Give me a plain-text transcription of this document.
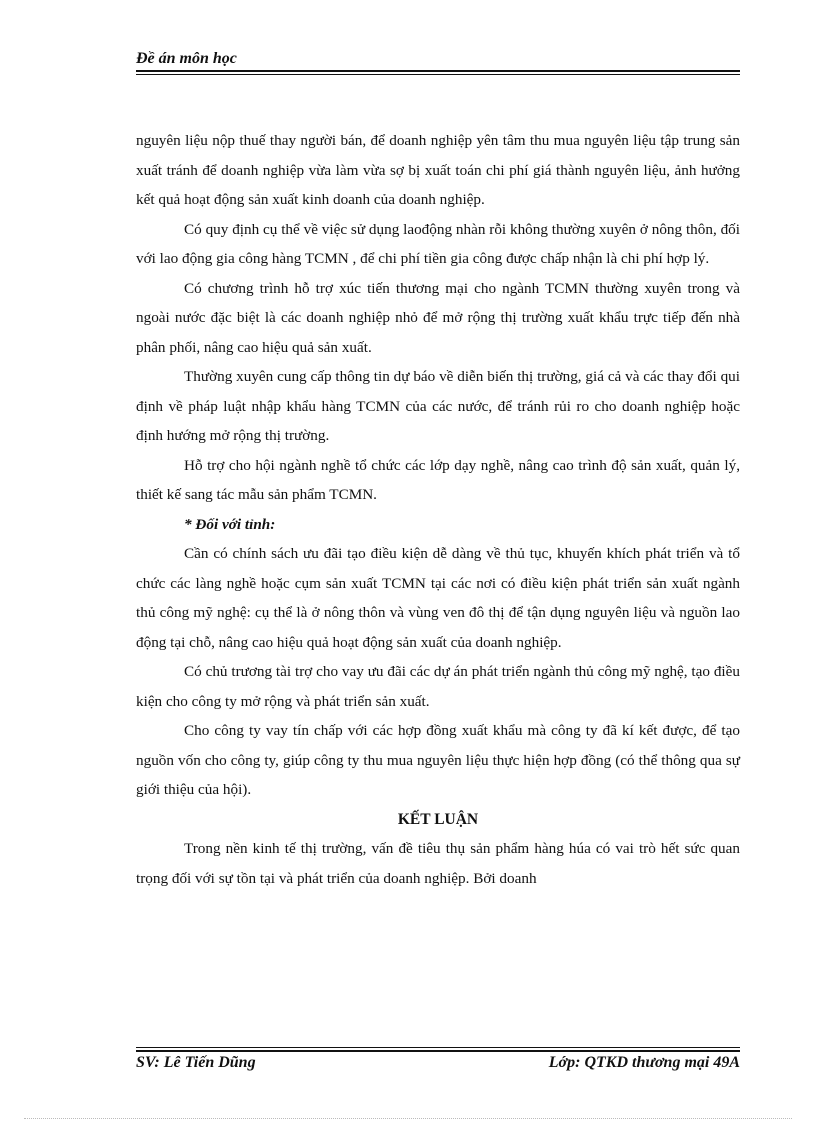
Đề án môn học

nguyên liệu nộp thuế thay người bán, để doanh nghiệp yên tâm thu mua nguyên liệu tập trung sản xuất tránh để doanh nghiệp vừa làm vừa sợ bị xuất toán chi phí giá thành nguyên liệu, ảnh hưởng kết quả hoạt động sản xuất kinh doanh của doanh nghiệp.

Có quy định cụ thể về việc sử dụng laođộng nhàn rỗi không thường xuyên ở nông thôn, đối với lao động gia công hàng TCMN , để chi phí tiền gia công được chấp nhận là chi phí hợp lý.

Có chương trình hỗ trợ xúc tiến thương mại cho ngành TCMN thường xuyên trong và ngoài nước đặc biệt là các doanh nghiệp nhỏ để mở rộng thị trường xuất khẩu trực tiếp đến nhà phân phối, nâng cao hiệu quả sản xuất.

Thường xuyên cung cấp thông tin dự báo về diễn biến thị trường, giá cả và các thay đổi qui định về pháp luật nhập khẩu hàng TCMN của các nước, để tránh rủi ro cho doanh nghiệp hoặc định hướng mở rộng thị trường.

Hỗ trợ cho hội ngành nghề tổ chức các lớp dạy nghề, nâng cao trình độ sản xuất, quản lý, thiết kế sang tác mẫu sản phẩm TCMN.

* Đối với tỉnh:

Cần có chính sách ưu đãi tạo điều kiện dễ dàng về thủ tục, khuyến khích phát triển và tổ chức các làng nghề hoặc cụm sản xuất TCMN tại các nơi có điều kiện phát triển sản xuất ngành thủ công mỹ nghệ: cụ thể là ở nông thôn và vùng ven đô thị để tận dụng nguyên liệu và nguồn lao động tại chỗ, nâng cao hiệu quả hoạt động sản xuất của doanh nghiệp.

Có chủ trương tài trợ cho vay ưu đãi các dự án phát triển ngành thủ công mỹ nghệ, tạo điều kiện cho công ty mở rộng và phát triển sản xuất.

Cho công ty vay tín chấp với các hợp đồng xuất khẩu mà công ty đã kí kết được, để tạo nguồn vốn cho công ty, giúp công ty thu mua nguyên liệu thực hiện hợp đồng (có thể thông qua sự giới thiệu của hội).

KẾT LUẬN

Trong nền kinh tế thị trường, vấn đề tiêu thụ sản phẩm hàng húa có vai trò hết sức quan trọng đối với sự tồn tại và phát triển của doanh nghiệp. Bởi doanh

SV: Lê Tiến Dũng	Lớp: QTKD thương mại 49A
